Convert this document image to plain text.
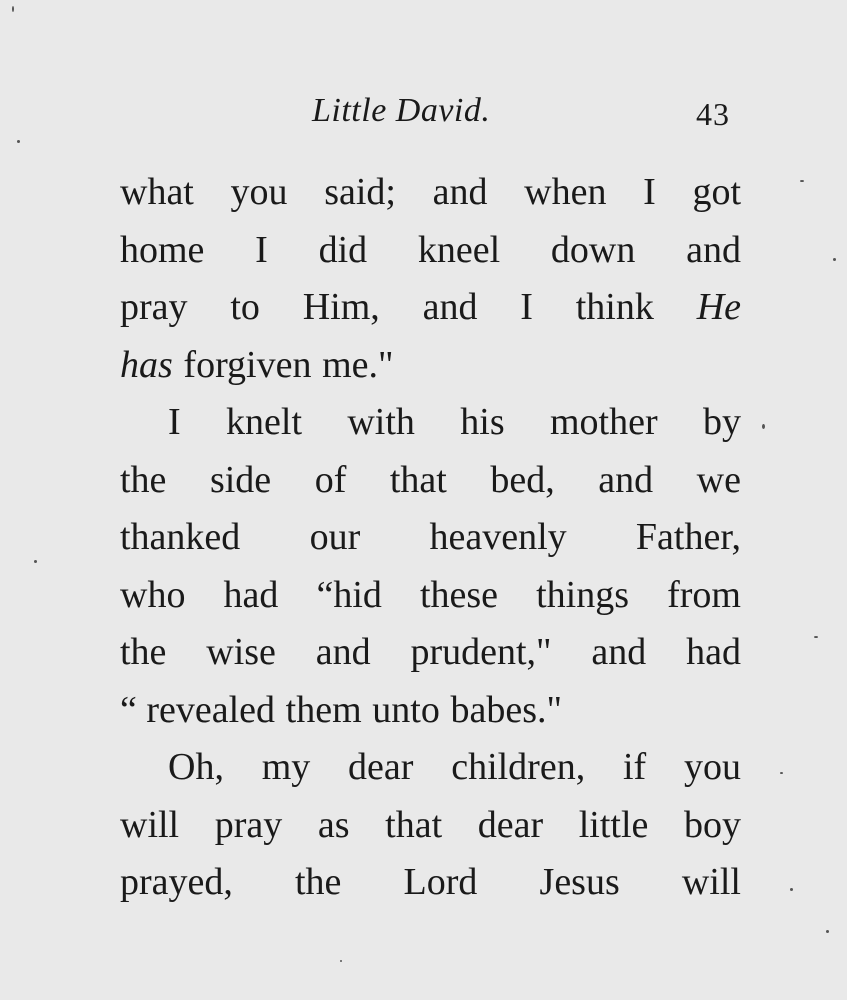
Little David.	43
what you said; and when I got
home I did kneel down and
pray to Him, and I think He
has forgiven me."
I knelt with his mother by
the side of that bed, and we
thanked our heavenly Father,
who had “hid these things from
the wise and prudent," and had
“ revealed them unto babes."
Oh, my dear children, if you
will pray as that dear little boy
prayed, the Lord Jesus will
